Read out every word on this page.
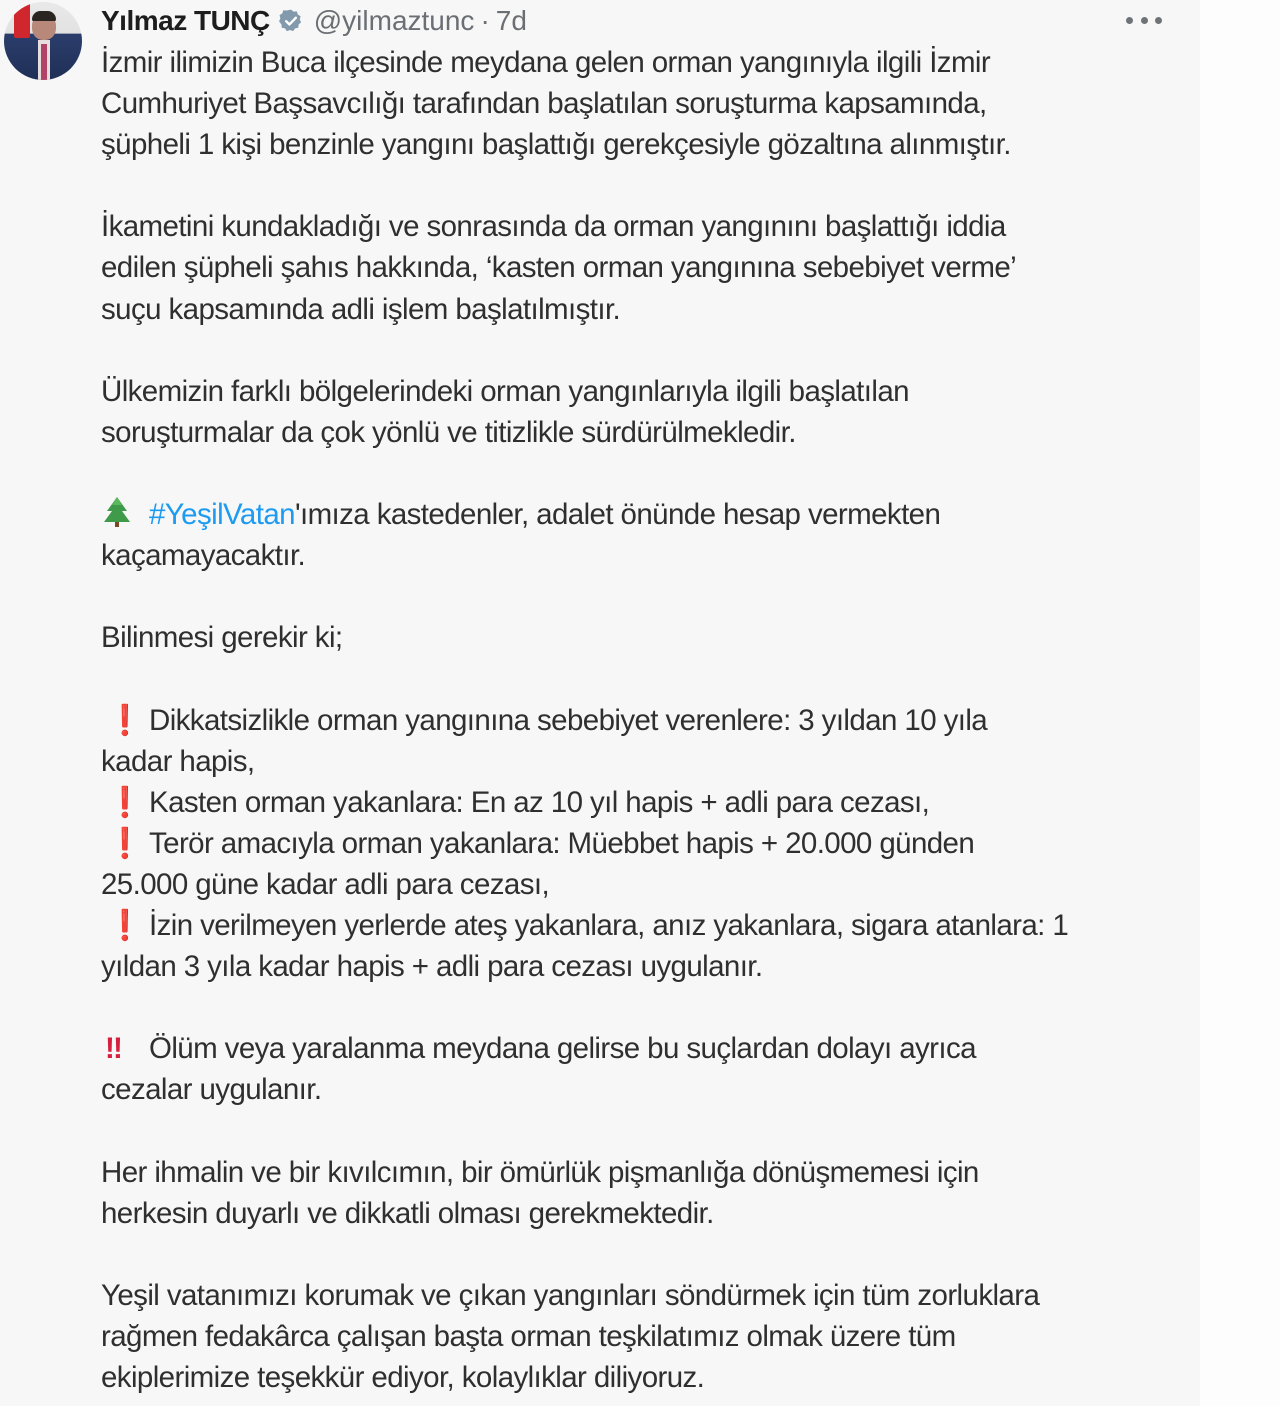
Yılmaz TUNÇ @yilmaztunc · 7d
İzmir ilimizin Buca ilçesinde meydana gelen orman yangınıyla ilgili İzmir
Cumhuriyet Başsavcılığı tarafından başlatılan soruşturma kapsamında,
şüpheli 1 kişi benzinle yangını başlattığı gerekçesiyle gözaltına alınmıştır.
İkametini kundakladığı ve sonrasında da orman yangınını başlattığı iddia
edilen şüpheli şahıs hakkında, ‘kasten orman yangınına sebebiyet verme’
suçu kapsamında adli işlem başlatılmıştır.
Ülkemizin farklı bölgelerindeki orman yangınlarıyla ilgili başlatılan
soruşturmalar da çok yönlü ve titizlikle sürdürülmekledir.
#YeşilVatan'ımıza kastedenler, adalet önünde hesap vermekten
kaçamayacaktır.
Bilinmesi gerekir ki;
❗ Dikkatsizlikle orman yangınına sebebiyet verenlere: 3 yıldan 10 yıla
kadar hapis,
❗ Kasten orman yakanlara: En az 10 yıl hapis + adli para cezası,
❗ Terör amacıyla orman yakanlara: Müebbet hapis + 20.000 günden
25.000 güne kadar adli para cezası,
❗ İzin verilmeyen yerlerde ateş yakanlara, anız yakanlara, sigara atanlara: 1
yıldan 3 yıla kadar hapis + adli para cezası uygulanır.
‼ Ölüm veya yaralanma meydana gelirse bu suçlardan dolayı ayrıca
cezalar uygulanır.
Her ihmalin ve bir kıvılcımın, bir ömürlük pişmanlığa dönüşmemesi için
herkesin duyarlı ve dikkatli olması gerekmektedir.
Yeşil vatanımızı korumak ve çıkan yangınları söndürmek için tüm zorluklara
rağmen fedakârca çalışan başta orman teşkilatımız olmak üzere tüm
ekiplerimize teşekkür ediyor, kolaylıklar diliyoruz.
